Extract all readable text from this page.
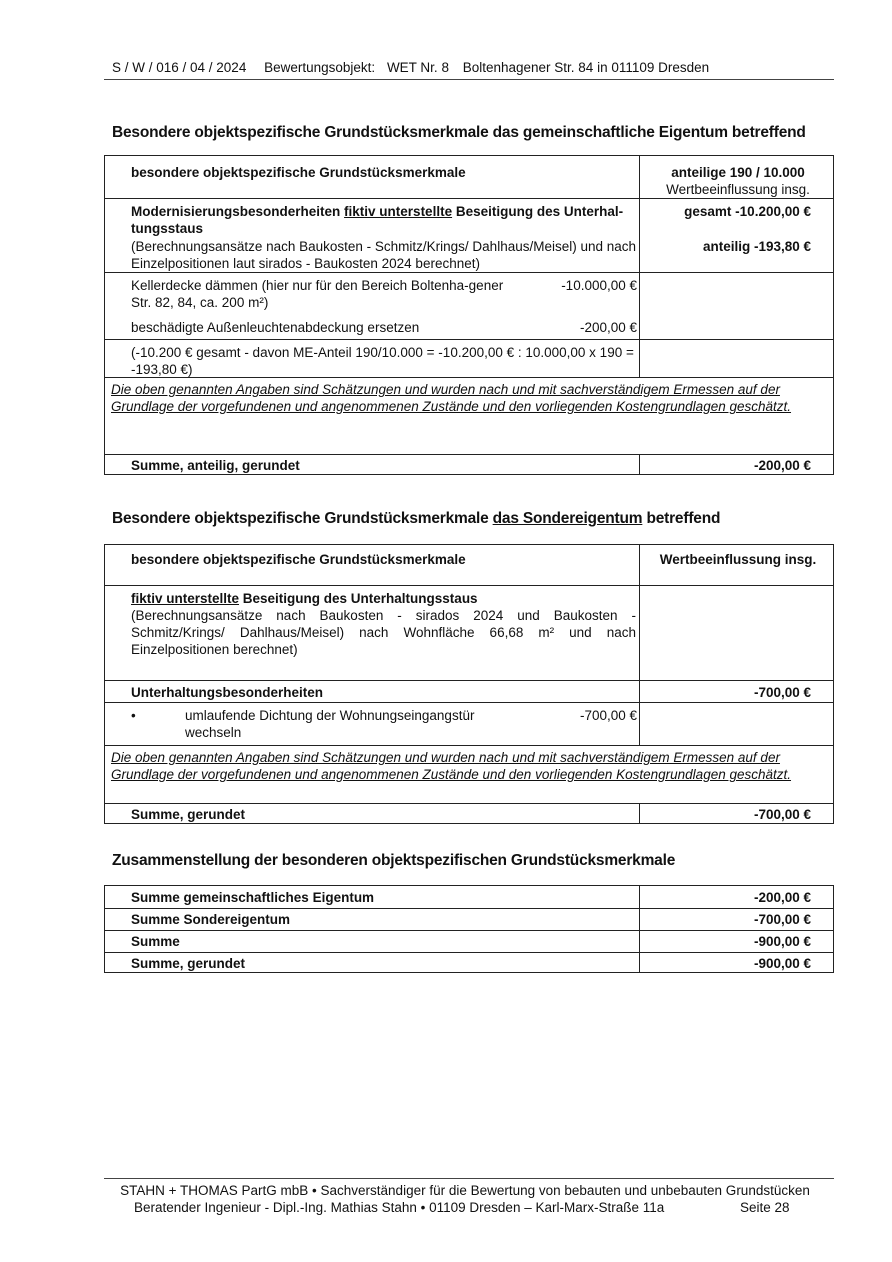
S / W / 016 / 04 / 2024 Bewertungsobjekt: WET Nr. 8 Boltenhagener Str. 84 in 011109 Dresden
Besondere objektspezifische Grundstücksmerkmale das gemeinschaftliche Eigentum betreffend
besondere objektspezifische Grundstücksmerkmale	anteilige 190 / 10.000
Wertbeeinflussung insg.
Modernisierungsbesonderheiten fiktiv unterstellte Beseitigung des Unterhal-tungsstaus
(Berechnungsansätze nach Baukosten - Schmitz/Krings/ Dahlhaus/Meisel) und nach Einzelpositionen laut sirados - Baukosten 2024 berechnet)
gesamt -10.200,00 €
anteilig -193,80 €
Kellerdecke dämmen (hier nur für den Bereich Boltenha-gener Str. 82, 84, ca. 200 m²)
-10.000,00 €
beschädigte Außenleuchtenabdeckung ersetzen	-200,00 €
(-10.200 € gesamt - davon ME-Anteil 190/10.000 = -10.200,00 € : 10.000,00 x 190 = -193,80 €)
Die oben genannten Angaben sind Schätzungen und wurden nach und mit sachverständigem Ermessen auf der Grundlage der vorgefundenen und angenommenen Zustände und den vorliegenden Kostengrundlagen geschätzt.
Summe, anteilig, gerundet	-200,00 €
Besondere objektspezifische Grundstücksmerkmale das Sondereigentum betreffend
besondere objektspezifische Grundstücksmerkmale	Wertbeeinflussung insg.
fiktiv unterstellte Beseitigung des Unterhaltungsstaus
(Berechnungsansätze nach Baukosten - sirados 2024 und Baukosten - Schmitz/Krings/ Dahlhaus/Meisel) nach Wohnfläche 66,68 m² und nach Einzelpositionen berechnet)
Unterhaltungsbesonderheiten	-700,00 €
•	umlaufende Dichtung der Wohnungseingangstür wechseln
-700,00 €
Die oben genannten Angaben sind Schätzungen und wurden nach und mit sachverständigem Ermessen auf der Grundlage der vorgefundenen und angenommenen Zustände und den vorliegenden Kostengrundlagen geschätzt.
Summe, gerundet	-700,00 €
Zusammenstellung der besonderen objektspezifischen Grundstücksmerkmale
Summe gemeinschaftliches Eigentum	-200,00 €
Summe Sondereigentum	-700,00 €
Summe	-900,00 €
Summe, gerundet	-900,00 €
STAHN + THOMAS PartG mbB • Sachverständiger für die Bewertung von bebauten und unbebauten Grundstücken
Beratender Ingenieur - Dipl.-Ing. Mathias Stahn • 01109 Dresden – Karl-Marx-Straße 11a	Seite 28
